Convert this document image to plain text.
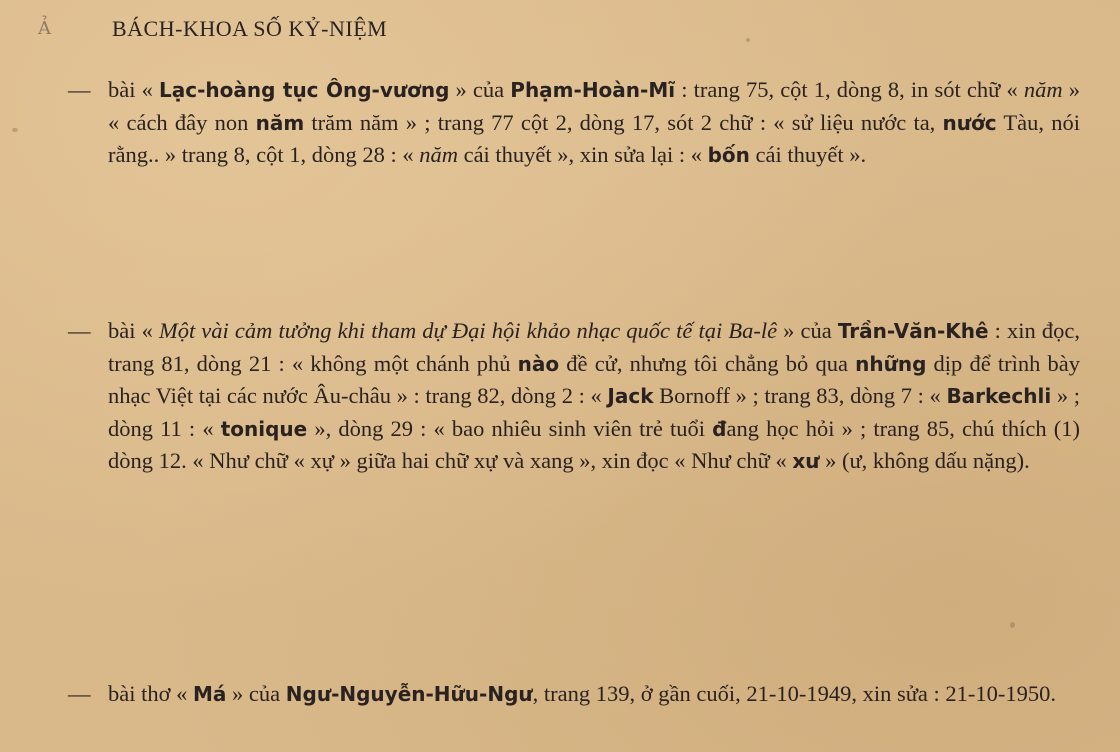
Ả	BÁCH-KHOA SỐ KỶ-NIỆM
— bài « Lạc-hoàng tục Ông-vương » của Phạm-Hoàn-Mĩ : trang 75, cột 1, dòng 8, in sót chữ « năm » « cách đây non năm trăm năm » ; trang 77 cột 2, dòng 17, sót 2 chữ : « sử liệu nước ta, nước Tàu, nói rằng.. » trang 8, cột 1, dòng 28 : « năm cái thuyết », xin sửa lại : « bốn cái thuyết ».
— bài « Một vài cảm tưởng khi tham dự Đại hội khảo nhạc quốc tế tại Ba-lê » của Trần-Văn-Khê : xin đọc, trang 81, dòng 21 : « không một chánh phủ nào đề cử, nhưng tôi chẳng bỏ qua những dịp để trình bày nhạc Việt tại các nước Âu-châu » : trang 82, dòng 2 : « Jack Bornoff » ; trang 83, dòng 7 : « Barkechli » ; dòng 11 : « tonique », dòng 29 : « bao nhiêu sinh viên trẻ tuổi đang học hỏi » ; trang 85, chú thích (1) dòng 12. « Như chữ « xự » giữa hai chữ xự và xang », xin đọc « Như chữ « xư » (ư, không dấu nặng).
— bài thơ « Má » của Ngư-Nguyễn-Hữu-Ngư, trang 139, ở gần cuối, 21-10-1949, xin sửa : 21-10-1950.
